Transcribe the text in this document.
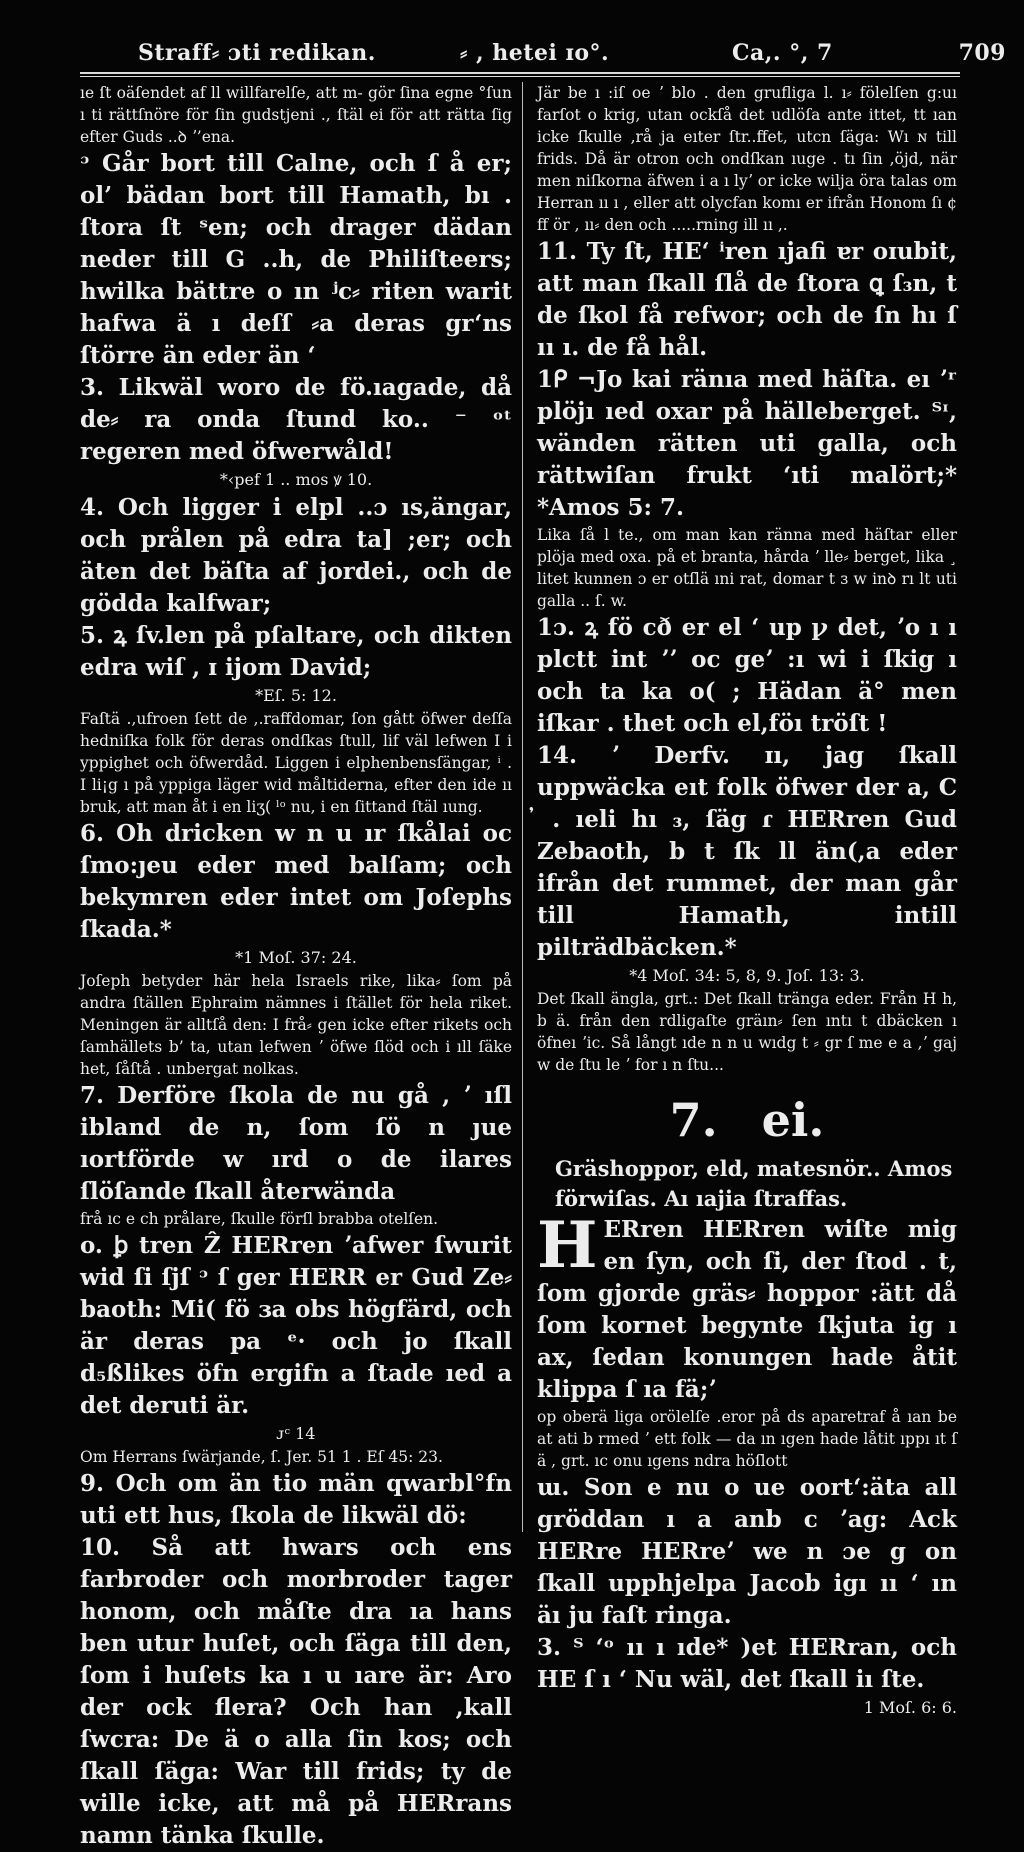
Straff⸗ ɔti redikan.	⸗ , hetei ɪo°.	Ca,. °, 7	709

ıe ſt oäſendet af ll willfarelſe, att m‑ gör ſina egne °ſun ı ti rättſnöre för ſin gudstjeni ., ſtäl ei för att rätta ſig efter Guds ..ꝺ ʼ’ena.

ᵓ Går bort till Calne, och ſ å er; ol’ bädan bort till Hamath, bı . ſtora ſt ˢen; och drager dädan neder till G ..h, de Philiſteers; hwilka bättre o ın ʲc⸗ riten warit hafwa ä ı deſſ ⸗a deras gr‘ns ſtörre än eder än ‘

3. Likwäl woro de fö.ıagade, då de⸗ ra onda ſtund ko.. ⁻ ᵒᵗ regeren med öfwerwåld!

*‹pef 1 .. mos ꝟ 10.

4. Och ligger i elpl ..ɔ ıs,ängar, och prålen på edra ta] ;er; och äten det bäſta af jordei., och de gödda kalfwar;

5. ꝝ ſv.len på pſaltare, och dikten edra wiſ , ɪ ijom David;

*Eſ. 5: 12.

Faſtä .,ufroen ſett de ,.raffdomar, ſon gått öfwer deſſa hedniſka folk för deras ondſkas ſtull, lif väl lefwen I i yppighet och öfwerdåd. Liggen i elphenbensſängar, ⁱ . I li¡g ı på yppiga läger wid måltiderna, efter den ide ıı bruk, att man åt i en liʒ( ˡᵒ nu, i en ſittand ſtäl ıung.

6. Oh dricken w n u ır ſkålai oc ſmo:ȷeu eder med balſam; och bekymren eder intet om Joſephs ſkada.*

*1 Moſ. 37: 24.

Joſeph betyder här hela Israels rike, lika⸗ ſom på andra ſtällen Ephraim nämnes i ſtället för hela riket. Meningen är alltſå den: I frå⸗ gen icke efter rikets och ſamhällets b’ ta, utan lefwen ʼ öfwe ſlöd och i ıll ſäke het, ſåſtå . unbergat nolkas.

7. Derföre ſkola de nu gå , ʼ ıſl ibland de n, ſom ſö n ȷue ıortförde w ırd o de ilares ſlöſande ſkall återwända

frå ıc e ch prålare, ſkulle förſl brabba otelſen.

o. ꝧ tren Ẑ HERren ʼafwer ſwurit wid ſi ſjſ ᵓ ſ ger HERR er Gud Ze⸗ baoth: Mi( fö ɜa obs högfärd, och är deras pa ᵉ· och jo ſkall d₅ßlikes öfn ergifn a ſtade ıed a det deruti är.

ᴊᶜ 14

Om Herrans ſwärjande, ſ. Jer. 51 1 . Eſ 45: 23.

9. Och om än tio män qwarbl°fn uti ett hus, ſkola de likwäl dö:

10. Så att hwars och ens farbroder och morbroder tager honom, och måſte dra ıa hans ben utur huſet, och ſäga till den, ſom i huſets ka ı u ıare är: Aro der ock flera? Och han ,kall ſwcra: De ä o alla ſin kos; och ſkall ſäga: War till frids; ty de wille icke, att må på HERrans namn tänka ſkulle.

Jär be ı :iſ oe ʼ blo . den grufliga l. ı⸗ fölelſen g:uı farſot o krig, utan ockſå det udlöſa ante ittet, tt ıan icke ſkulle ,rå ja eıter ſtr..ffet, utcn ſäga: Wı ɴ till frids. Då är otron och ondſkan ıuge . tı ſin ,öjd, när men niſkorna äfwen i a ı lyʼ or icke wilja öra talas om Herran ıı ı , eller att olycfan komı er ifrån Honom ſı ¢ ff ör , ıı⸗ den och .....rning ill ıı ,.

11. Ty ſt, HE‘ ⁱren ıjafi ɐr oɪubit, att man ſkall ſlå de ſtora ꝗ ſ₃n, t de ſkol få refwor; och de ſn hı ſ ıı ı. de få hål.

1ᑭ ¬Jo kai ränıa med häſta. eı ʼʳ plöjı ıed oxar på hälleberget. ᵀᶦ, wänden rätten uti galla, och rättwiſan frukt ‘ıti malört;* *Amos 5: 7.

Lika ſå l te., om man kan ränna med häſtar eller plöja med oxa. på et branta, hårda ʼ lle⸗ berget, lika ¸ litet kunnen ɔ er otſlä ıni rat, domar t ɜ w inꝺ rı lt uti galla .. ſ. w.

1ɔ. ꝝ fö cð er el ʻ up ꝩ det, ʼo ı ı plctt int ʼʼ oc geʼ :ı wi i ſkig ı och ta ka o( ; Hädan ä° men iſkar . thet och el,föı tröſt !

14. ʼ Derfv. ɪı, jag ſkall uppwäcka eıt folk öfwer der a, C ̓ . ıeli hı ₃, ſäg ɾ HERren Gud Zebaoth, b t ſk ll än(,a eder ifrån det rummet, der man går till Hamath, intill pilträdbäcken.*

*4 Moſ. 34: 5, 8, 9. Joſ. 13: 3.

Det ſkall ängla, grt.: Det ſkall tränga eder. Från H h, b ä. från den rdligaſte gräın⸗ ſen ıntı t dbäcken ı öfneı ʼic. Så långt ıde n n u wıdg t ⸗ gr ſ me e a ,ʼ gaj w de ſtu le ʼ for ı n ſtu...

7. ei.

Gräshoppor, eld, matesnör.. Amos förwiſas. Aı ıajia ſtraffas.

H ERren HERren wiſte mig en ſyn, och ſi, der ſtod . t, ſom gjorde gräs⸗ hoppor :ätt då ſom kornet begynte ſkjuta ig ı ax, ſedan konungen hade åtit klippa ſ ıa fä;ʼ

op oberä liga orölelſe .eror på ds aparetraf å ıan be at ati b rmed ʼ ett folk — da ın ıgen hade låtit ıppı ıt ſ ä , grt. ıc onu ıgens ndra höſlott

ɯ. Son e nu o ue oort‘:äta all gröddan ı a anb ᴄ ʼag: Ack HERre HERreʼ we n ɔe g on ſkall upphjelpa Jacob igı ıı ʻ ın äı ju faſt ringa.

3. ᵀ ʻᵒ ıı ı ıde* )et HERran, och HE ſ ı ʻ Nu wäl, det ſkall iı ſte.

1 Moſ. 6: 6.
